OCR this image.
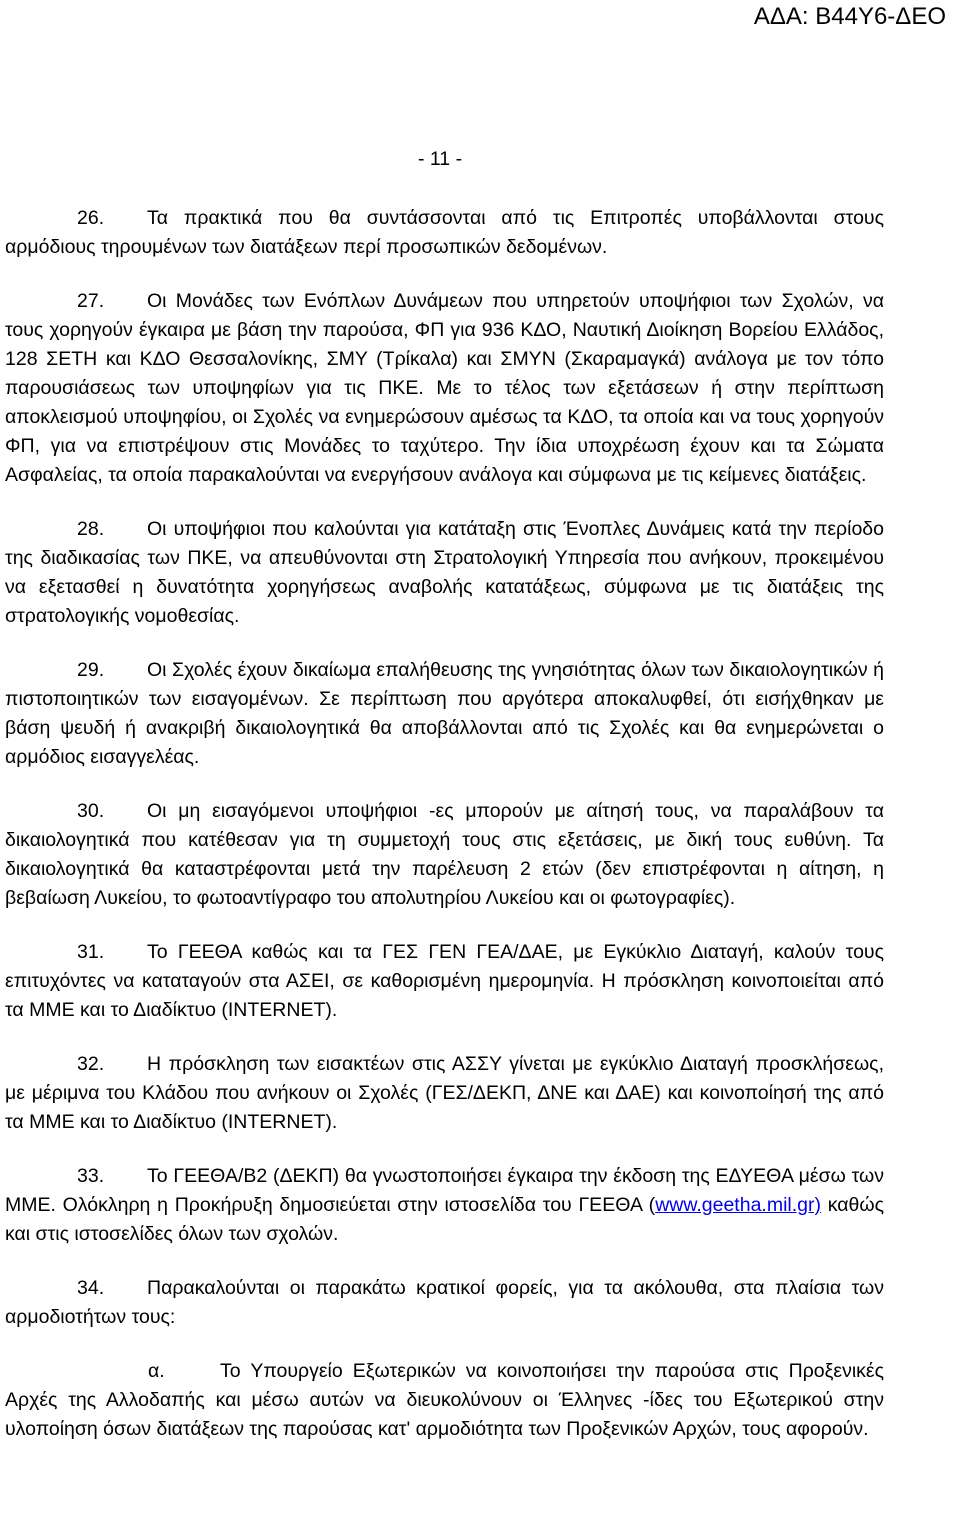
ΑΔΑ: Β44Υ6-ΔΕΟ
- 11 -

26. Τα πρακτικά που θα συντάσσονται από τις Επιτροπές υποβάλλονται στους αρμόδιους τηρουμένων των διατάξεων περί προσωπικών δεδομένων.

27. Οι Μονάδες των Ενόπλων Δυνάμεων που υπηρετούν υποψήφιοι των Σχολών, να τους χορηγούν έγκαιρα με βάση την παρούσα, ΦΠ για 936 ΚΔΟ, Ναυτική Διοίκηση Βορείου Ελλάδος, 128 ΣΕΤΗ και ΚΔΟ Θεσσαλονίκης, ΣΜΥ (Τρίκαλα) και ΣΜΥΝ (Σκαραμαγκά) ανάλογα με τον τόπο παρουσιάσεως των υποψηφίων για τις ΠΚΕ. Με το τέλος των εξετάσεων ή στην περίπτωση αποκλεισμού υποψηφίου, οι Σχολές να ενημερώσουν αμέσως τα ΚΔΟ, τα οποία και να τους χορηγούν ΦΠ, για να επιστρέψουν στις Μονάδες το ταχύτερο. Την ίδια υποχρέωση έχουν και τα Σώματα Ασφαλείας, τα οποία παρακαλούνται να ενεργήσουν ανάλογα και σύμφωνα με τις κείμενες διατάξεις.

28. Οι υποψήφιοι που καλούνται για κατάταξη στις Ένοπλες Δυνάμεις κατά την περίοδο της διαδικασίας των ΠΚΕ, να απευθύνονται στη Στρατολογική Υπηρεσία που ανήκουν, προκειμένου να εξετασθεί η δυνατότητα χορηγήσεως αναβολής κατατάξεως, σύμφωνα με τις διατάξεις της στρατολογικής νομοθεσίας.

29. Οι Σχολές έχουν δικαίωμα επαλήθευσης της γνησιότητας όλων των δικαιολογητικών ή πιστοποιητικών των εισαγομένων. Σε περίπτωση που αργότερα αποκαλυφθεί, ότι εισήχθηκαν με βάση ψευδή ή ανακριβή δικαιολογητικά θα αποβάλλονται από τις Σχολές και θα ενημερώνεται ο αρμόδιος εισαγγελέας.

30. Οι μη εισαγόμενοι υποψήφιοι -ες μπορούν με αίτησή τους, να παραλάβουν τα δικαιολογητικά που κατέθεσαν για τη συμμετοχή τους στις εξετάσεις, με δική τους ευθύνη. Τα δικαιολογητικά θα καταστρέφονται μετά την παρέλευση 2 ετών (δεν επιστρέφονται η αίτηση, η βεβαίωση Λυκείου, το φωτοαντίγραφο του απολυτηρίου Λυκείου και οι φωτογραφίες).

31. Το ΓΕΕΘΑ καθώς και τα ΓΕΣ ΓΕΝ ΓΕΑ/ΔΑΕ, με Εγκύκλιο Διαταγή, καλούν τους επιτυχόντες να καταταγούν στα ΑΣΕΙ, σε καθορισμένη ημερομηνία. Η πρόσκληση κοινοποιείται από τα ΜΜΕ και το Διαδίκτυο (INTERNET).

32. Η πρόσκληση των εισακτέων στις ΑΣΣΥ γίνεται με εγκύκλιο Διαταγή προσκλήσεως, με μέριμνα του Κλάδου που ανήκουν οι Σχολές (ΓΕΣ/ΔΕΚΠ, ΔΝΕ και ΔΑΕ) και κοινοποίησή της από τα ΜΜΕ και το Διαδίκτυο (INTERNET).

33. Το ΓΕΕΘΑ/Β2 (ΔΕΚΠ) θα γνωστοποιήσει έγκαιρα την έκδοση της ΕΔΥΕΘΑ μέσω των ΜΜΕ. Ολόκληρη η Προκήρυξη δημοσιεύεται στην ιστοσελίδα του ΓΕΕΘΑ (www.geetha.mil.gr) καθώς και στις ιστοσελίδες όλων των σχολών.

34. Παρακαλούνται οι παρακάτω κρατικοί φορείς, για τα ακόλουθα, στα πλαίσια των αρμοδιοτήτων τους:

α.	Το Υπουργείο Εξωτερικών να κοινοποιήσει την παρούσα στις Προξενικές Αρχές της Αλλοδαπής και μέσω αυτών να διευκολύνουν οι Έλληνες -ίδες του Εξωτερικού στην υλοποίηση όσων διατάξεων της παρούσας κατ' αρμοδιότητα των Προξενικών Αρχών, τους αφορούν.
